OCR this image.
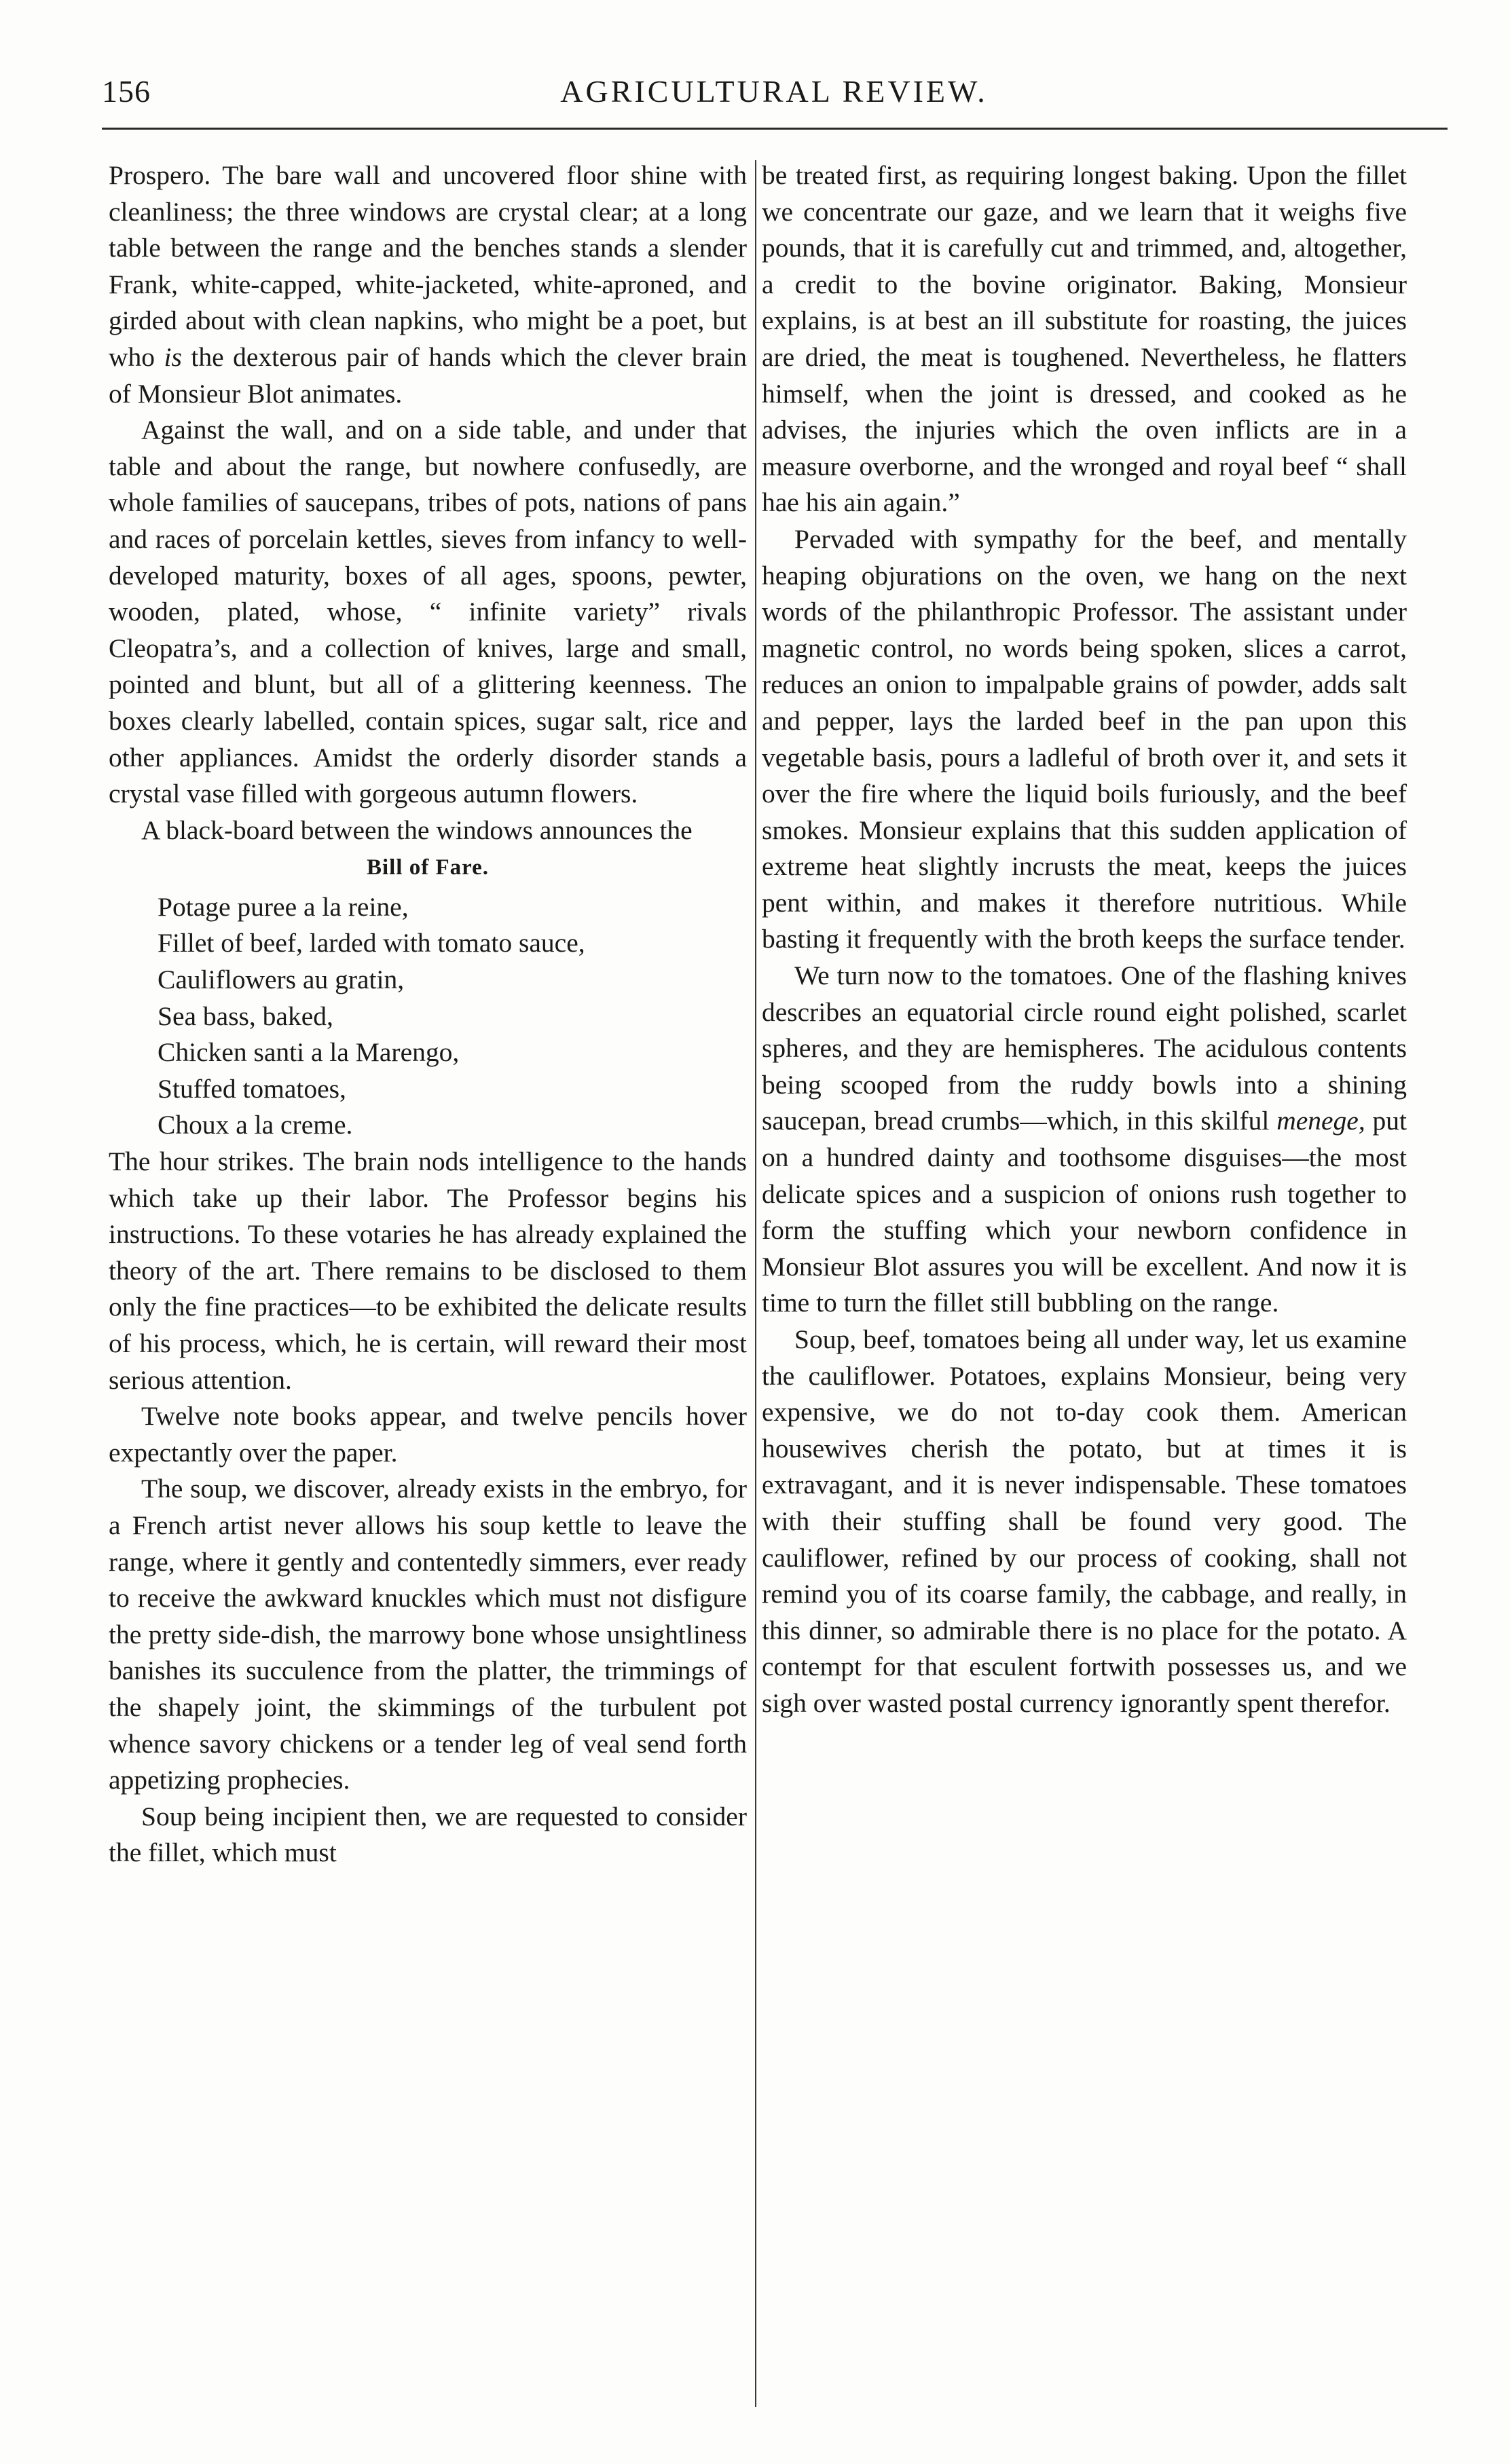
156	AGRICULTURAL REVIEW.

Prospero. The bare wall and uncovered floor shine with cleanliness; the three windows are crystal clear; at a long table between the range and the benches stands a slender Frank, white-capped, white-jacketed, white-aproned, and girded about with clean napkins, who might be a poet, but who is the dexterous pair of hands which the clever brain of Monsieur Blot animates.

Against the wall, and on a side table, and under that table and about the range, but nowhere confusedly, are whole families of saucepans, tribes of pots, nations of pans and races of porcelain kettles, sieves from infancy to well-developed maturity, boxes of all ages, spoons, pewter, wooden, plated, whose, “ infinite variety” rivals Cleopatra’s, and a collection of knives, large and small, pointed and blunt, but all of a glittering keenness. The boxes clearly labelled, contain spices, sugar salt, rice and other appliances. Amidst the orderly disorder stands a crystal vase filled with gorgeous autumn flowers.

A black-board between the windows announces the

Bill of Fare.

Potage puree a la reine,
Fillet of beef, larded with tomato sauce,
Cauliflowers au gratin,
Sea bass, baked,
Chicken santi a la Marengo,
Stuffed tomatoes,
Choux a la creme.

The hour strikes. The brain nods intelligence to the hands which take up their labor. The Professor begins his instructions. To these votaries he has already explained the theory of the art. There remains to be disclosed to them only the fine practices—to be exhibited the delicate results of his process, which, he is certain, will reward their most serious attention.

Twelve note books appear, and twelve pencils hover expectantly over the paper.

The soup, we discover, already exists in the embryo, for a French artist never allows his soup kettle to leave the range, where it gently and contentedly simmers, ever ready to receive the awkward knuckles which must not disfigure the pretty side-dish, the marrowy bone whose unsightliness banishes its succulence from the platter, the trimmings of the shapely joint, the skimmings of the turbulent pot whence savory chickens or a tender leg of veal send forth appetizing prophecies.

Soup being incipient then, we are requested to consider the fillet, which must

be treated first, as requiring longest baking. Upon the fillet we concentrate our gaze, and we learn that it weighs five pounds, that it is carefully cut and trimmed, and, altogether, a credit to the bovine originator. Baking, Monsieur explains, is at best an ill substitute for roasting, the juices are dried, the meat is toughened. Nevertheless, he flatters himself, when the joint is dressed, and cooked as he advises, the injuries which the oven inflicts are in a measure overborne, and the wronged and royal beef “ shall hae his ain again.”

Pervaded with sympathy for the beef, and mentally heaping objurations on the oven, we hang on the next words of the philanthropic Professor. The assistant under magnetic control, no words being spoken, slices a carrot, reduces an onion to impalpable grains of powder, adds salt and pepper, lays the larded beef in the pan upon this vegetable basis, pours a ladleful of broth over it, and sets it over the fire where the liquid boils furiously, and the beef smokes. Monsieur explains that this sudden application of extreme heat slightly incrusts the meat, keeps the juices pent within, and makes it therefore nutritious. While basting it frequently with the broth keeps the surface tender.

We turn now to the tomatoes. One of the flashing knives describes an equatorial circle round eight polished, scarlet spheres, and they are hemispheres. The acidulous contents being scooped from the ruddy bowls into a shining saucepan, bread crumbs—which, in this skilful menege, put on a hundred dainty and toothsome disguises—the most delicate spices and a suspicion of onions rush together to form the stuffing which your newborn confidence in Monsieur Blot assures you will be excellent. And now it is time to turn the fillet still bubbling on the range.

Soup, beef, tomatoes being all under way, let us examine the cauliflower. Potatoes, explains Monsieur, being very expensive, we do not to-day cook them. American housewives cherish the potato, but at times it is extravagant, and it is never indispensable. These tomatoes with their stuffing shall be found very good. The cauliflower, refined by our process of cooking, shall not remind you of its coarse family, the cabbage, and really, in this dinner, so admirable there is no place for the potato. A contempt for that esculent fortwith possesses us, and we sigh over wasted postal currency ignorantly spent therefor.
